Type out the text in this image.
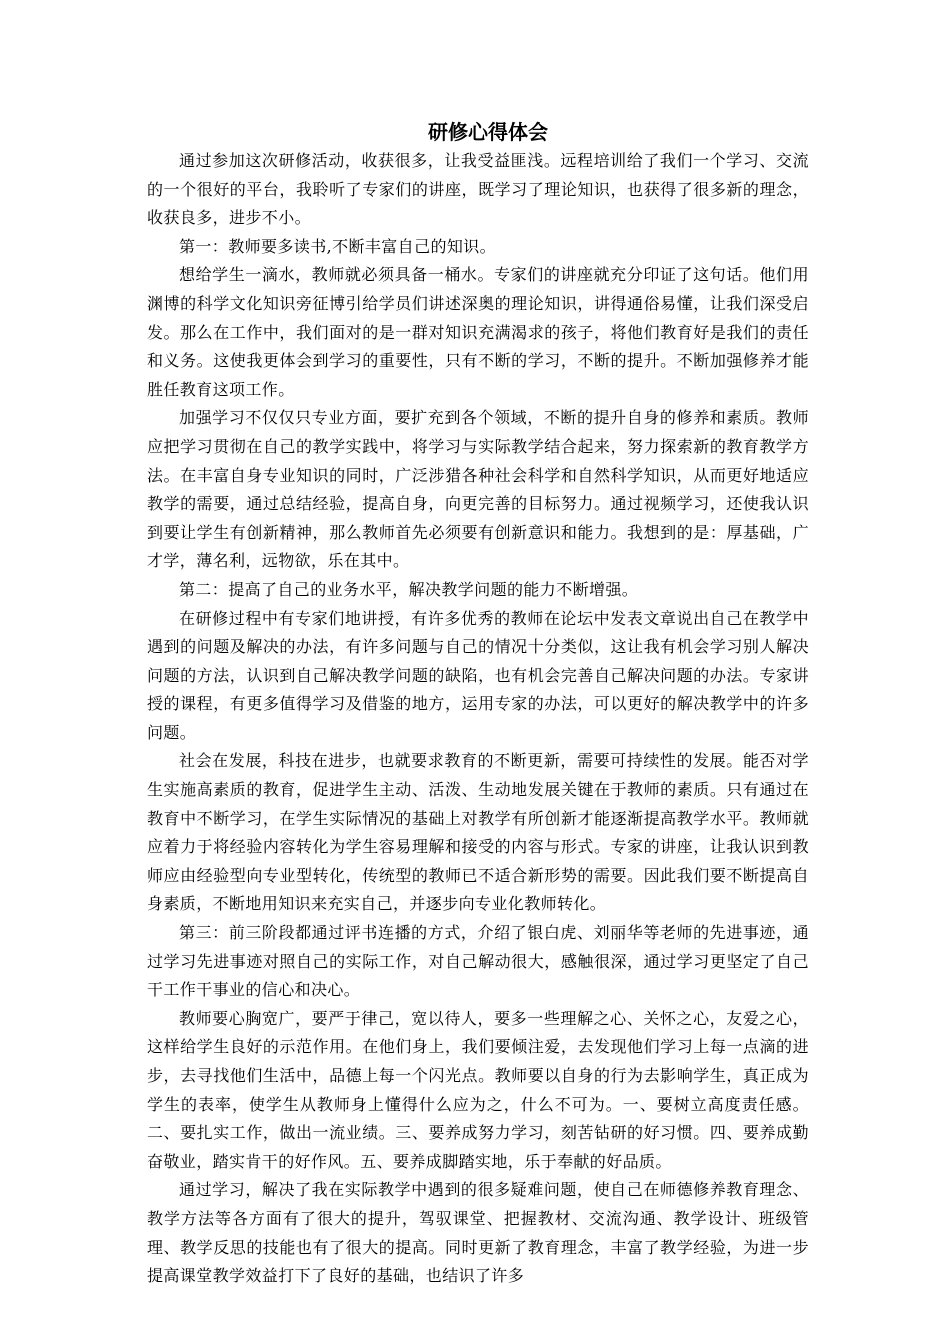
研修心得体会

通过参加这次研修活动，收获很多，让我受益匪浅。远程培训给了我们一个学习、交流的一个很好的平台，我聆听了专家们的讲座，既学习了理论知识，也获得了很多新的理念，收获良多，进步不小。

第一：教师要多读书,不断丰富自己的知识。

想给学生一滴水，教师就必须具备一桶水。专家们的讲座就充分印证了这句话。他们用渊博的科学文化知识旁征博引给学员们讲述深奥的理论知识，讲得通俗易懂，让我们深受启发。那么在工作中，我们面对的是一群对知识充满渴求的孩子，将他们教育好是我们的责任和义务。这使我更体会到学习的重要性，只有不断的学习，不断的提升。不断加强修养才能胜任教育这项工作。

加强学习不仅仅只专业方面，要扩充到各个领域，不断的提升自身的修养和素质。教师应把学习贯彻在自己的教学实践中，将学习与实际教学结合起来，努力探索新的教育教学方法。在丰富自身专业知识的同时，广泛涉猎各种社会科学和自然科学知识，从而更好地适应教学的需要，通过总结经验，提高自身，向更完善的目标努力。通过视频学习，还使我认识到要让学生有创新精神，那么教师首先必须要有创新意识和能力。我想到的是：厚基础，广才学，薄名利，远物欲，乐在其中。

第二：提高了自己的业务水平，解决教学问题的能力不断增强。

在研修过程中有专家们地讲授，有许多优秀的教师在论坛中发表文章说出自己在教学中遇到的问题及解决的办法，有许多问题与自己的情况十分类似，这让我有机会学习别人解决问题的方法，认识到自己解决教学问题的缺陷，也有机会完善自己解决问题的办法。专家讲授的课程，有更多值得学习及借鉴的地方，运用专家的办法，可以更好的解决教学中的许多问题。

社会在发展，科技在进步，也就要求教育的不断更新，需要可持续性的发展。能否对学生实施高素质的教育，促进学生主动、活泼、生动地发展关键在于教师的素质。只有通过在教育中不断学习，在学生实际情况的基础上对教学有所创新才能逐渐提高教学水平。教师就应着力于将经验内容转化为学生容易理解和接受的内容与形式。专家的讲座，让我认识到教师应由经验型向专业型转化，传统型的教师已不适合新形势的需要。因此我们要不断提高自身素质，不断地用知识来充实自己，并逐步向专业化教师转化。

第三：前三阶段都通过评书连播的方式，介绍了银白虎、刘丽华等老师的先进事迹，通过学习先进事迹对照自己的实际工作，对自己解动很大，感触很深，通过学习更坚定了自己干工作干事业的信心和决心。

教师要心胸宽广，要严于律己，宽以待人，要多一些理解之心、关怀之心，友爱之心，这样给学生良好的示范作用。在他们身上，我们要倾注爱，去发现他们学习上每一点滴的进步，去寻找他们生活中，品德上每一个闪光点。教师要以自身的行为去影响学生，真正成为学生的表率，使学生从教师身上懂得什么应为之，什么不可为。一、要树立高度责任感。二、要扎实工作，做出一流业绩。三、要养成努力学习，刻苦钻研的好习惯。四、要养成勤奋敬业，踏实肯干的好作风。五、要养成脚踏实地，乐于奉献的好品质。

通过学习，解决了我在实际教学中遇到的很多疑难问题，使自己在师德修养教育理念、教学方法等各方面有了很大的提升，驾驭课堂、把握教材、交流沟通、教学设计、班级管理、教学反思的技能也有了很大的提高。同时更新了教育理念，丰富了教学经验，为进一步提高课堂教学效益打下了良好的基础，也结识了许多
